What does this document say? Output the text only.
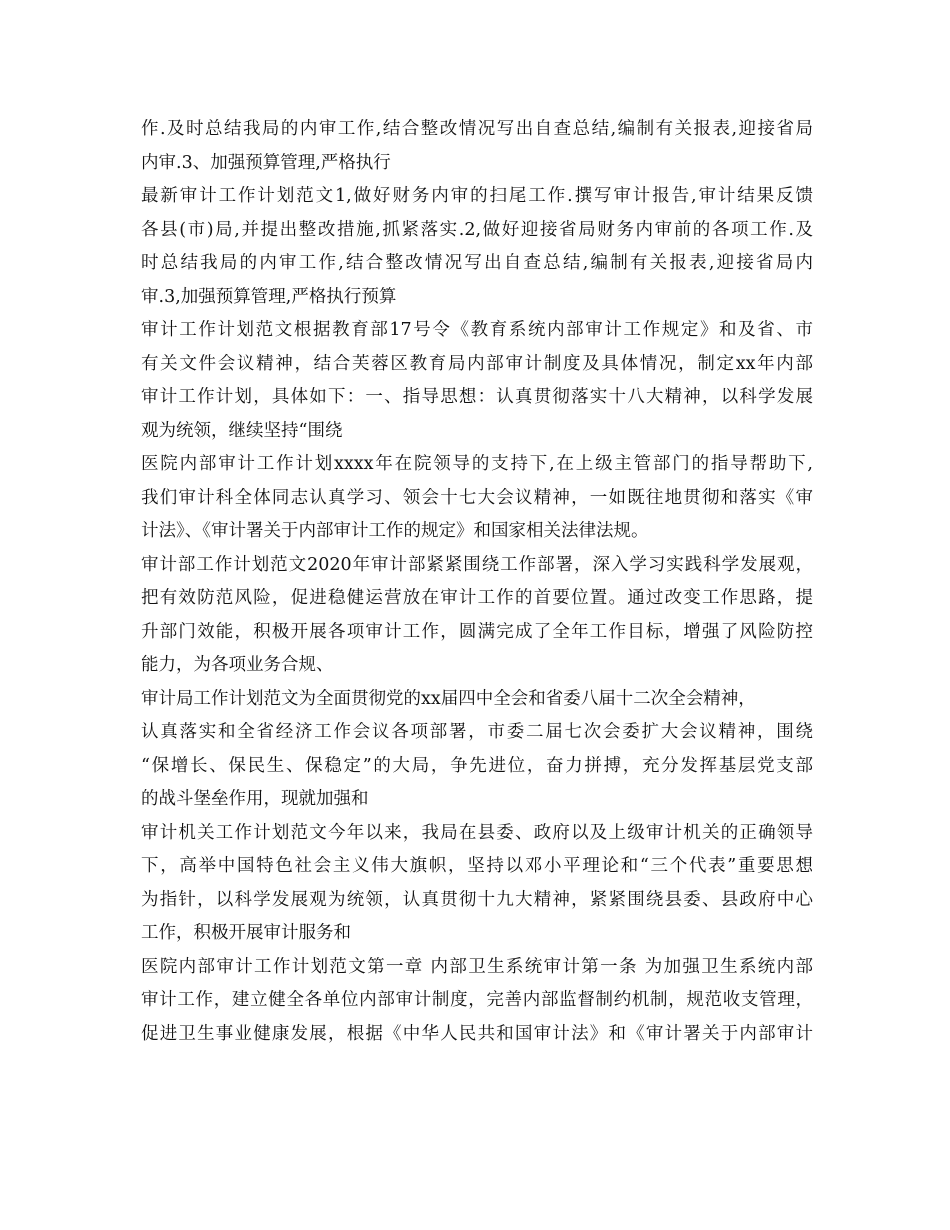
作.及时总结我局的内审工作,结合整改情况写出自查总结,编制有关报表,迎接省局
内审.3、加强预算管理,严格执行
最新审计工作计划范文1,做好财务内审的扫尾工作.撰写审计报告,审计结果反馈
各县(市)局,并提出整改措施,抓紧落实.2,做好迎接省局财务内审前的各项工作.及
时总结我局的内审工作,结合整改情况写出自查总结,编制有关报表,迎接省局内
审.3,加强预算管理,严格执行预算
审计工作计划范文根据教育部17号令《教育系统内部审计工作规定》和及省、市
有关文件会议精神，结合芙蓉区教育局内部审计制度及具体情况，制定xx年内部
审计工作计划，具体如下：一、指导思想：认真贯彻落实十八大精神，以科学发展
观为统领，继续坚持“围绕
医院内部审计工作计划xxxx年在院领导的支持下,在上级主管部门的指导帮助下,
我们审计科全体同志认真学习、领会十七大会议精神，一如既往地贯彻和落实《审
计法》、《审计署关于内部审计工作的规定》和国家相关法律法规。
审计部工作计划范文2020年审计部紧紧围绕工作部署，深入学习实践科学发展观，
把有效防范风险，促进稳健运营放在审计工作的首要位置。通过改变工作思路，提
升部门效能，积极开展各项审计工作，圆满完成了全年工作目标，增强了风险防控
能力，为各项业务合规、
审计局工作计划范文为全面贯彻党的xx届四中全会和省委八届十二次全会精神，
认真落实和全省经济工作会议各项部署，市委二届七次会委扩大会议精神，围绕
“保增长、保民生、保稳定”的大局，争先进位，奋力拼搏，充分发挥基层党支部
的战斗堡垒作用，现就加强和
审计机关工作计划范文今年以来，我局在县委、政府以及上级审计机关的正确领导
下，高举中国特色社会主义伟大旗帜，坚持以邓小平理论和“三个代表”重要思想
为指针，以科学发展观为统领，认真贯彻十九大精神，紧紧围绕县委、县政府中心
工作，积极开展审计服务和
医院内部审计工作计划范文第一章 内部卫生系统审计第一条 为加强卫生系统内部
审计工作，建立健全各单位内部审计制度，完善内部监督制约机制，规范收支管理，
促进卫生事业健康发展，根据《中华人民共和国审计法》和《审计署关于内部审计
